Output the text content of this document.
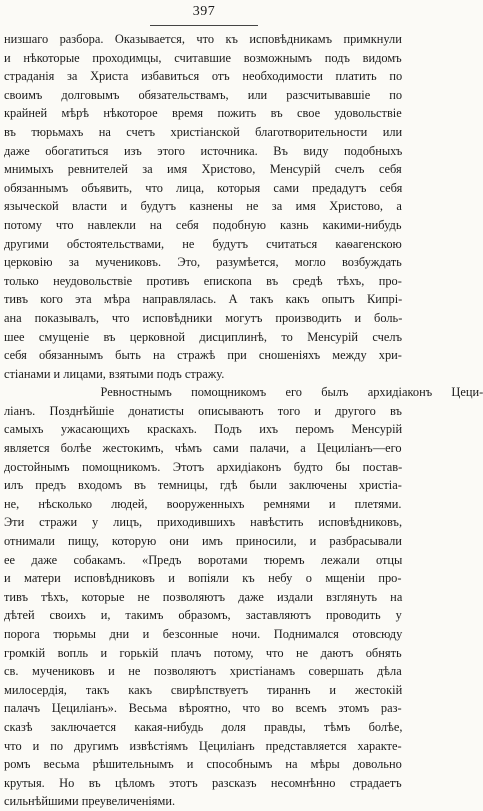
397
низшаго разбора. Оказывается, что къ исповѣдникамъ примкнули
и нѣкоторые проходимцы, считавшие возможнымъ подъ видомъ
страданія за Христа избавиться отъ необходимости платить по
своимъ долговымъ обязательствамъ, или разсчитывавшіе по
крайней мѣрѣ нѣкоторое время пожить въ свое удовольствіе
въ тюрьмахъ на счетъ христіанской благотворительности или
даже обогатиться изъ этого источника. Въ виду подобныхъ
мнимыхъ ревнителей за имя Христово, Менсурій счелъ себя
обязаннымъ объявить, что лица, которыя сами предадутъ себя
языческой власти и будутъ казнены не за имя Христово, а
потому что навлекли на себя подобную казнь какими-нибудь
другими обстоятельствами, не будутъ считаться каѳагенскою
церковію за мучениковъ. Это, разумѣется, могло возбуждать
только неудовольствіе противъ епископа въ средѣ тѣхъ, про-
тивъ кого эта мѣра направлялась. А такъ какъ опытъ Кипрі-
ана показывалъ, что исповѣдники могутъ производить и боль-
шее смущеніе въ церковной дисциплинѣ, то Менсурій счелъ
себя обязаннымъ быть на стражѣ при сношеніяхъ между хри-
стіанами и лицами, взятыми подъ стражу.
Ревностнымъ помощникомъ его былъ архидіаконъ Цеци-
ліанъ. Позднѣйшіе донатисты описываютъ того и другого въ
самыхъ ужасающихъ краскахъ. Подъ ихъ перомъ Менсурій
является болѣе жестокимъ, чѣмъ сами палачи, а Цециліанъ—его
достойнымъ помощникомъ. Этотъ архидіаконъ будто бы постав-
илъ предъ входомъ въ темницы, гдѣ были заключены христіа-
не, нѣсколько людей, вооруженныхъ ремнями и плетями.
Эти стражи у лицъ, приходившихъ навѣстить исповѣдниковъ,
отнимали пищу, которую они имъ приносили, и разбрасывали
ее даже собакамъ. «Предъ воротами тюремъ лежали отцы
и матери исповѣдниковъ и вопіяли къ небу о мщеніи про-
тивъ тѣхъ, которые не позволяютъ даже издали взглянуть на
дѣтей своихъ и, такимъ образомъ, заставляютъ проводить у
порога тюрьмы дни и безсонные ночи. Поднимался отовсюду
громкій вопль и горькій плачъ потому, что не даютъ обнять
св. мучениковъ и не позволяютъ христіанамъ совершать дѣла
милосердія, такъ какъ свирѣпствуетъ тираннъ и жестокій
палачъ Цециліанъ». Весьма вѣроятно, что во всемъ этомъ раз-
сказѣ заключается какая-нибудь доля правды, тѣмъ болѣе,
что и по другимъ извѣстіямъ Цециліанъ представляется характе-
ромъ весьма рѣшительнымъ и способнымъ на мѣры довольно
крутыя. Но въ цѣломъ этотъ разсказъ несомнѣнно страдаетъ
сильнѣйшими преувеличеніями.
